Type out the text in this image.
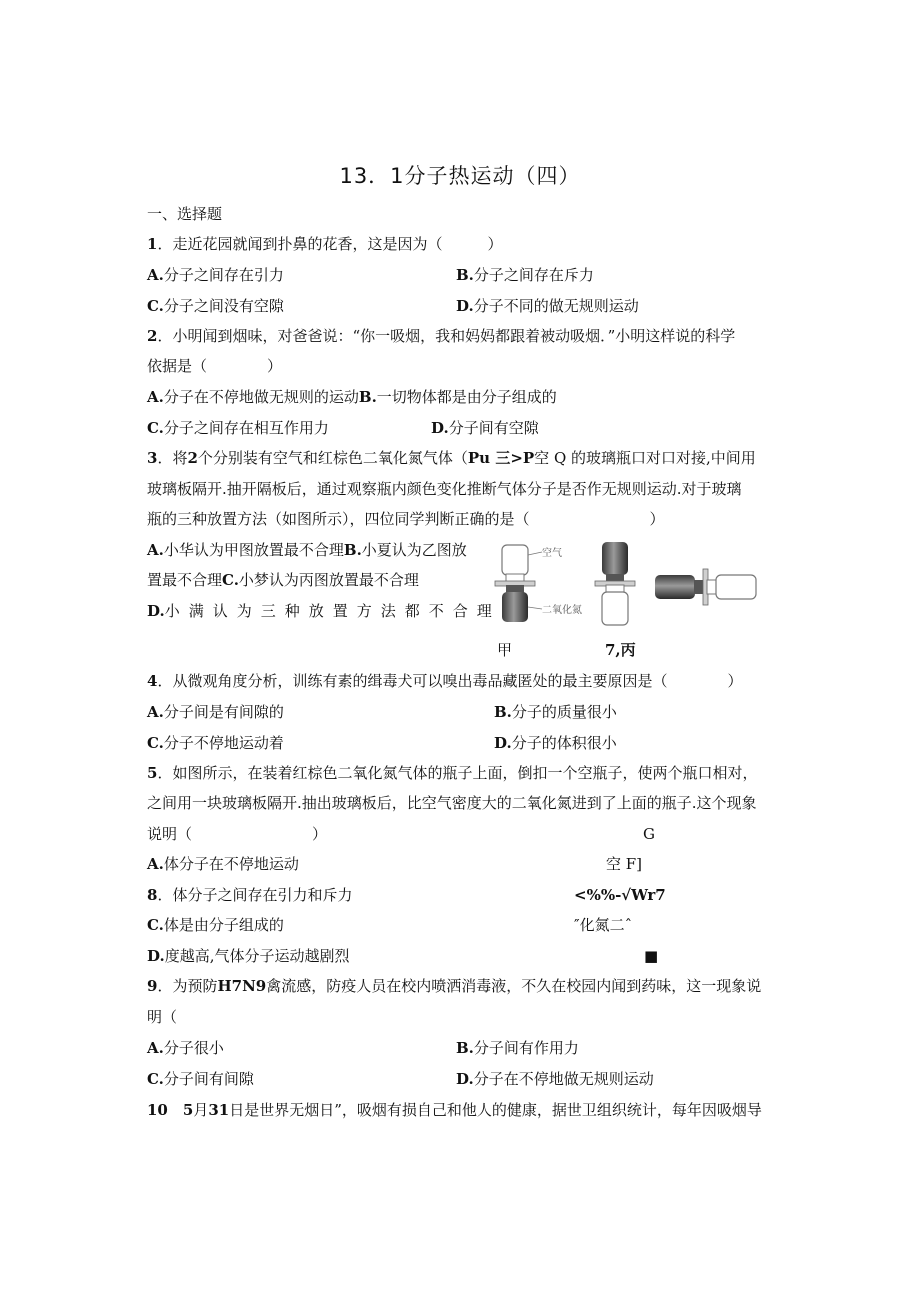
13．1分子热运动（四）
一、选择题
1．走近花园就闻到扑鼻的花香，这是因为（　　　）
A.分子之间存在引力	B.分子之间存在斥力
C.分子之间没有空隙	D.分子不同的做无规则运动
2．小明闻到烟味，对爸爸说：“你一吸烟，我和妈妈都跟着被动吸烟．”小明这样说的科学
依据是（　　　　）
A.分子在不停地做无规则的运动B.一切物体都是由分子组成的
C.分子之间存在相互作用力	D.分子间有空隙
3．将2个分别装有空气和红棕色二氧化氮气体（Pu 三>P空 Q 的玻璃瓶口对口对接,中间用
玻璃板隔开.抽开隔板后，通过观察瓶内颜色变化推断气体分子是否作无规则运动.对于玻璃
瓶的三种放置方法（如图所示），四位同学判断正确的是（　　　　　　　　）
A.小华认为甲图放置最不合理B.小夏认为乙图放
置最不合理C.小梦认为丙图放置最不合理
D.小满认为三种放置方法都不合理
空气
二氧化氮
甲	7,丙
4．从微观角度分析，训练有素的缉毒犬可以嗅出毒品藏匿处的最主要原因是（　　　　）
A.分子间是有间隙的	B.分子的质量很小
C.分子不停地运动着	D.分子的体积很小
5．如图所示，在装着红棕色二氧化氮气体的瓶子上面，倒扣一个空瓶子，使两个瓶口相对，
之间用一块玻璃板隔开.抽出玻璃板后，比空气密度大的二氧化氮进到了上面的瓶子.这个现象
说明（　　　　　　　　）	G
A.体分子在不停地运动	空 F]
8．体分子之间存在引力和斥力	<%%-√Wr7
C.体是由分子组成的	″化氮二ˆ
D.度越高,气体分子运动越剧烈	■
9．为预防H7N9禽流感，防疫人员在校内喷洒消毒液，不久在校园内闻到药味，这一现象说
明（
A.分子很小	B.分子间有作用力
C.分子间有间隙	D.分子在不停地做无规则运动
10　5月31日是世界无烟日”，吸烟有损自己和他人的健康，据世卫组织统计，每年因吸烟导
